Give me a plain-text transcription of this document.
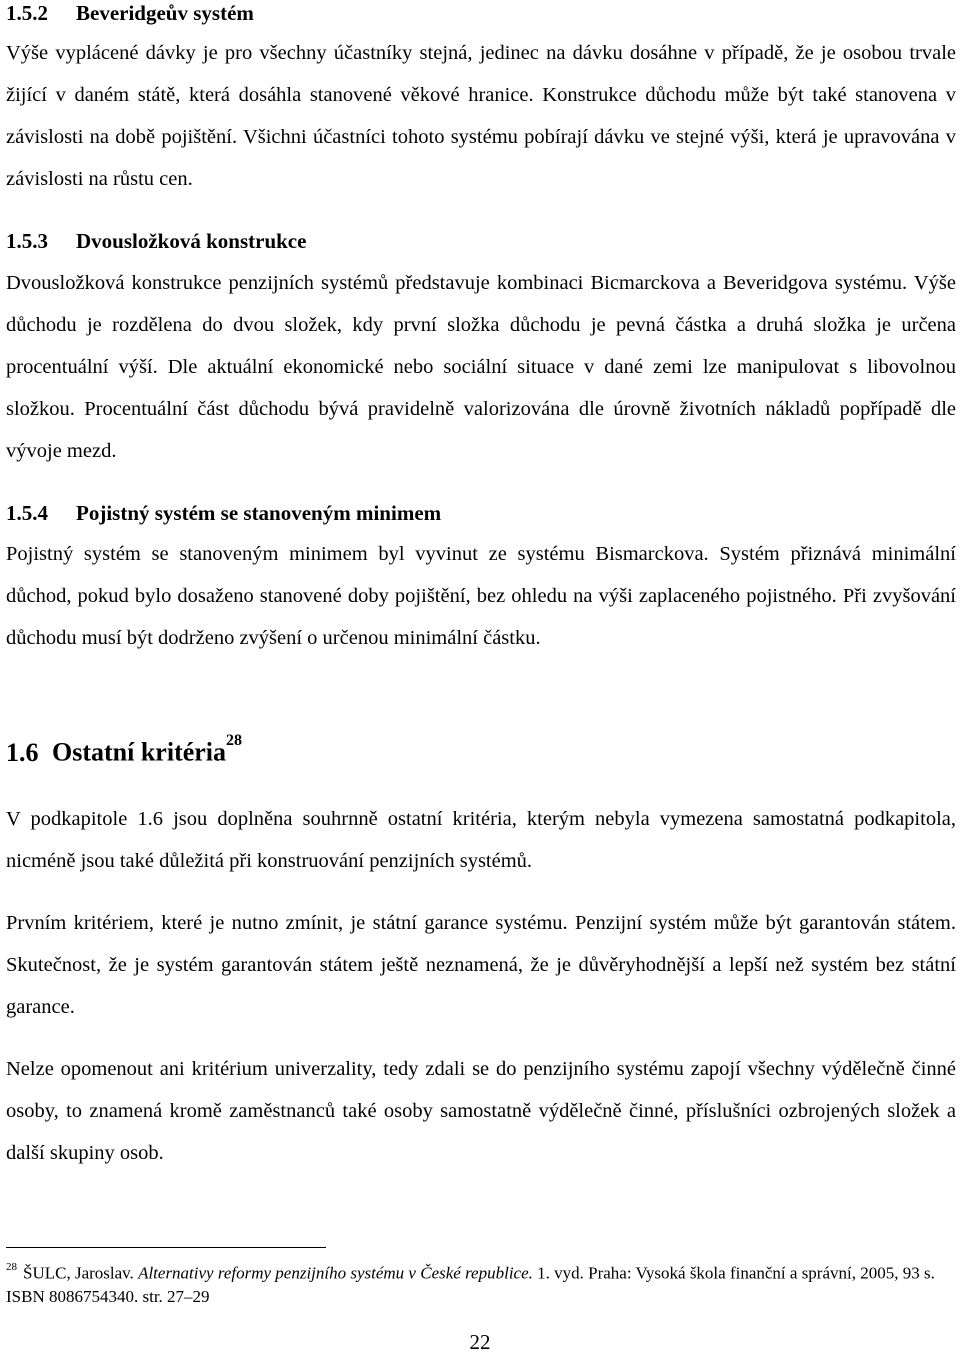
1.5.2 Beveridgeův systém

Výše vyplácené dávky je pro všechny účastníky stejná, jedinec na dávku dosáhne v případě, že je osobou trvale žijící v daném státě, která dosáhla stanovené věkové hranice. Konstrukce důchodu může být také stanovena v závislosti na době pojištění. Všichni účastníci tohoto systému pobírají dávku ve stejné výši, která je upravována v závislosti na růstu cen.

1.5.3 Dvousložková konstrukce

Dvousložková konstrukce penzijních systémů představuje kombinaci Bicmarckova a Beveridgova systému. Výše důchodu je rozdělena do dvou složek, kdy první složka důchodu je pevná částka a druhá složka je určena procentuální výší. Dle aktuální ekonomické nebo sociální situace v dané zemi lze manipulovat s libovolnou složkou. Procentuální část důchodu bývá pravidelně valorizována dle úrovně životních nákladů popřípadě dle vývoje mezd.

1.5.4 Pojistný systém se stanoveným minimem

Pojistný systém se stanoveným minimem byl vyvinut ze systému Bismarckova. Systém přiznává minimální důchod, pokud bylo dosaženo stanovené doby pojištění, bez ohledu na výši zaplaceného pojistného. Při zvyšování důchodu musí být dodrženo zvýšení o určenou minimální částku.

1.6 Ostatní kritéria$^{28}$

V podkapitole 1.6 jsou doplněna souhrnně ostatní kritéria, kterým nebyla vymezena samostatná podkapitola, nicméně jsou také důležitá při konstruování penzijních systémů.

Prvním kritériem, které je nutno zmínit, je státní garance systému. Penzijní systém může být garantován státem. Skutečnost, že je systém garantován státem ještě neznamená, že je důvěryhodnější a lepší než systém bez státní garance.

Nelze opomenout ani kritérium univerzality, tedy zdali se do penzijního systému zapojí všechny výdělečně činné osoby, to znamená kromě zaměstnanců také osoby samostatně výdělečně činné, příslušníci ozbrojených složek a další skupiny osob.

$^{28}$ ŠULC, Jaroslav. Alternativy reformy penzijního systému v České republice. 1. vyd. Praha: Vysoká škola finanční a správní, 2005, 93 s. ISBN 8086754340. str. 27–29

22
